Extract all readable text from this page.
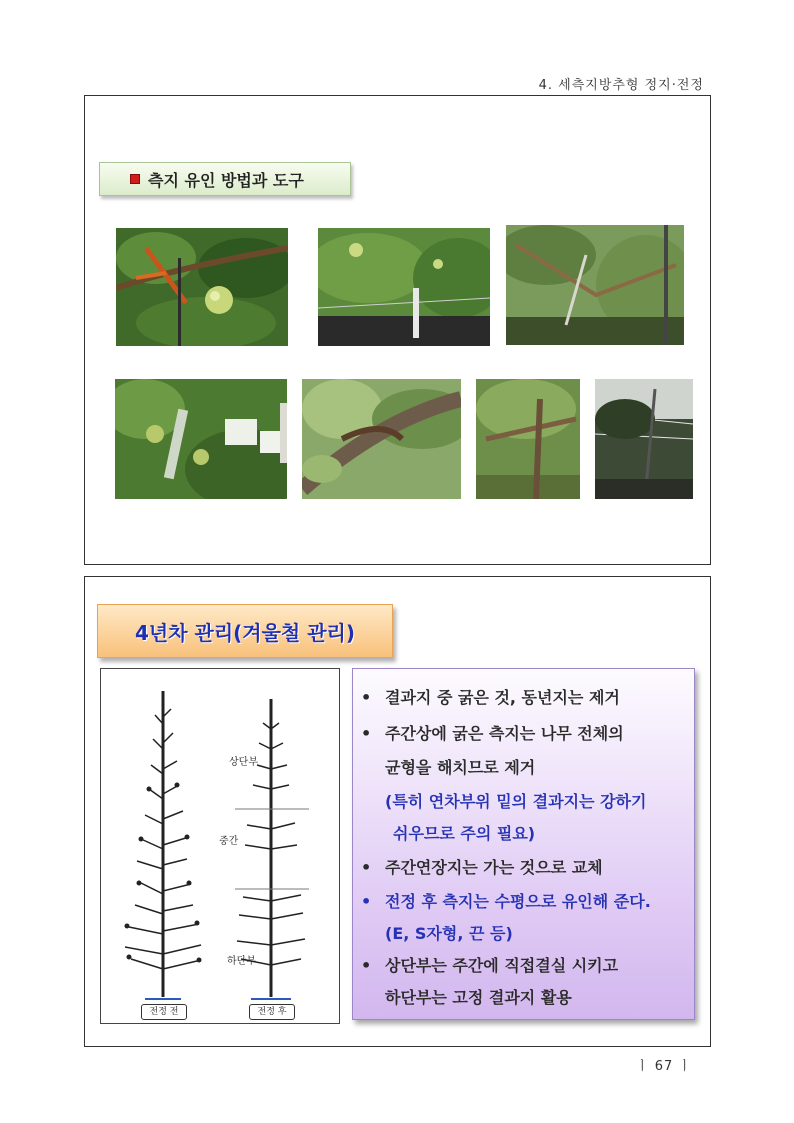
4. 세측지방추형 정지·전정
측지 유인 방법과 도구
4년차 관리(겨울철 관리)
상단부
중간
하단부
전정 전	전정 후
• 결과지 중 굵은 것, 동년지는 제거
• 주간상에 굵은 측지는 나무 전체의
균형을 해치므로 제거
(특히 연차부위 밑의 결과지는 강하기
쉬우므로 주의 필요)
• 주간연장지는 가는 것으로 교체
• 전정 후 측지는 수평으로 유인해 준다.
(E, S자형, 끈 등)
• 상단부는 주간에 직접결실 시키고
하단부는 고정 결과지 활용
ㅣ 67 ㅣ
